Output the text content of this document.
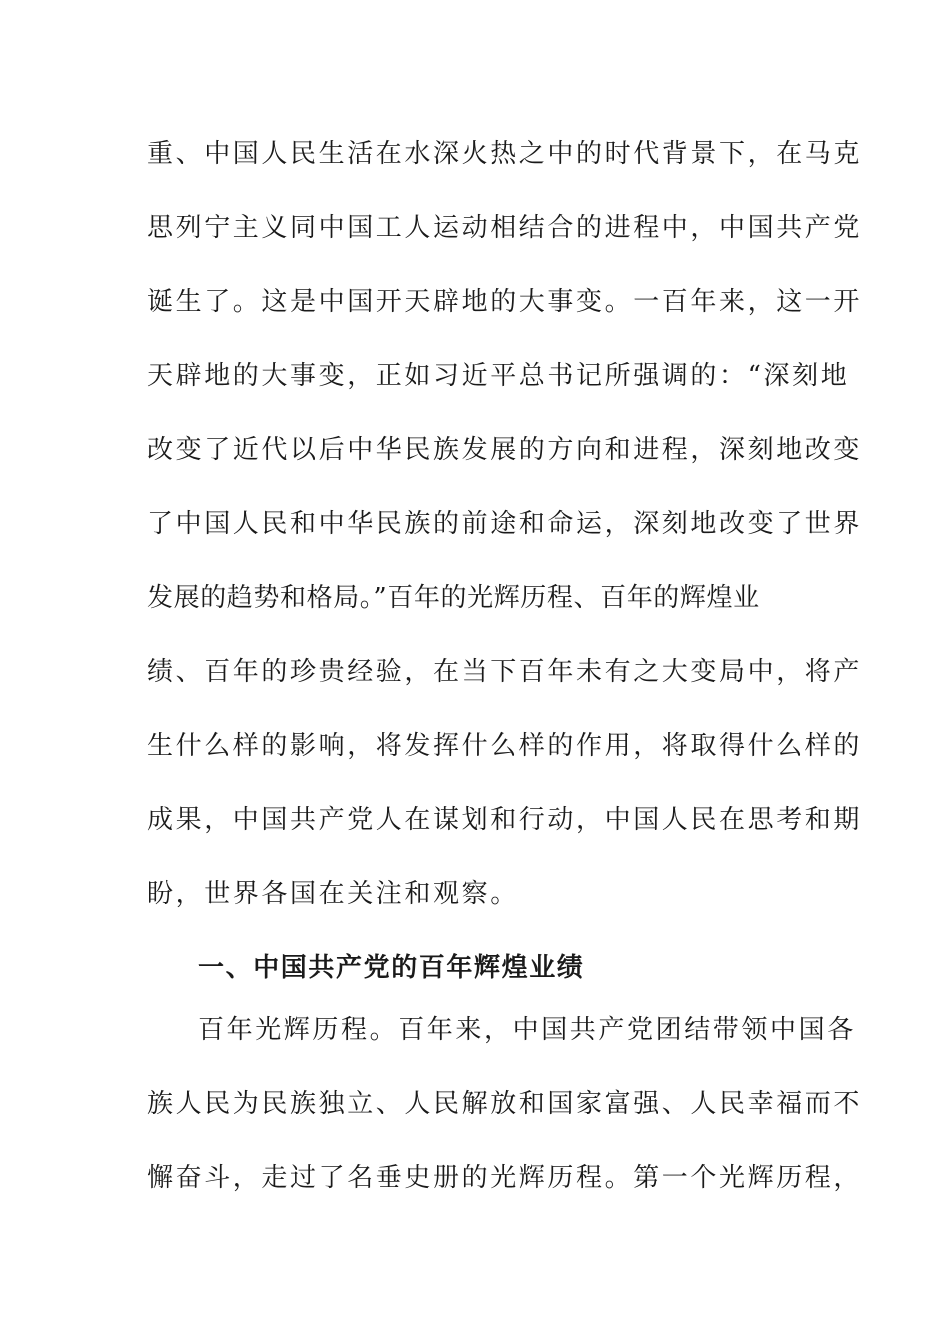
重、中国人民生活在水深火热之中的时代背景下，在马克
思列宁主义同中国工人运动相结合的进程中，中国共产党
诞生了。这是中国开天辟地的大事变。一百年来，这一开
天辟地的大事变，正如习近平总书记所强调的：“深刻地
改变了近代以后中华民族发展的方向和进程，深刻地改变
了中国人民和中华民族的前途和命运，深刻地改变了世界
发展的趋势和格局。”百年的光辉历程、百年的辉煌业
绩、百年的珍贵经验，在当下百年未有之大变局中，将产
生什么样的影响，将发挥什么样的作用，将取得什么样的
成果，中国共产党人在谋划和行动，中国人民在思考和期
盼，世界各国在关注和观察。
一、中国共产党的百年辉煌业绩
百年光辉历程。百年来，中国共产党团结带领中国各
族人民为民族独立、人民解放和国家富强、人民幸福而不
懈奋斗，走过了名垂史册的光辉历程。第一个光辉历程，
